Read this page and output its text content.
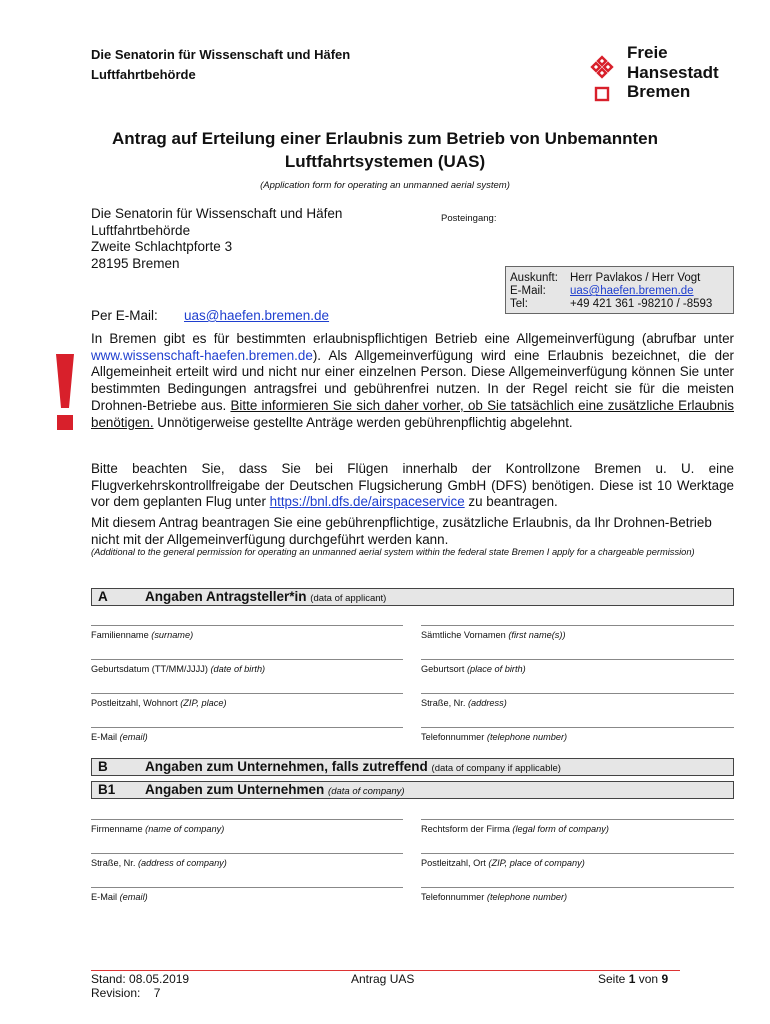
Die Senatorin für Wissenschaft und Häfen
Luftfahrtbehörde
Freie
Hansestadt
Bremen
Antrag auf Erteilung einer Erlaubnis zum Betrieb von Unbemannten
Luftfahrtsystemen (UAS)
(Application form for operating an unmanned aerial system)
Die Senatorin für Wissenschaft und Häfen
Luftfahrtbehörde
Zweite Schlachtpforte 3
28195 Bremen
Posteingang:
Auskunft:	Herr Pavlakos / Herr Vogt
E-Mail:	uas@haefen.bremen.de
Tel:	+49 421 361 -98210 / -8593
Per E-Mail: uas@haefen.bremen.de

In Bremen gibt es für bestimmten erlaubnispflichtigen Betrieb eine Allgemeinverfügung (abrufbar unter www.wissenschaft-haefen.bremen.de). Als Allgemeinverfügung wird eine Erlaubnis bezeichnet, die der Allgemeinheit erteilt wird und nicht nur einer einzelnen Person. Diese Allgemeinverfügung können Sie unter bestimmten Bedingungen antragsfrei und gebührenfrei nutzen. In der Regel reicht sie für die meisten Drohnen-Betriebe aus. Bitte informieren Sie sich daher vorher, ob Sie tatsächlich eine zusätzliche Erlaubnis benötigen. Unnötigerweise gestellte Anträge werden gebührenpflichtig abgelehnt.

Bitte beachten Sie, dass Sie bei Flügen innerhalb der Kontrollzone Bremen u. U. eine Flugverkehrskontrollfreigabe der Deutschen Flugsicherung GmbH (DFS) benötigen. Diese ist 10 Werktage vor dem geplanten Flug unter https://bnl.dfs.de/airspaceservice zu beantragen.

Mit diesem Antrag beantragen Sie eine gebührenpflichtige, zusätzliche Erlaubnis, da Ihr Drohnen-Betrieb nicht mit der Allgemeinverfügung durchgeführt werden kann.
(Additional to the general permission for operating an unmanned aerial system within the federal state Bremen I apply for a chargeable permission)
A	Angaben Antragsteller*in (data of applicant)
Familienname (surname)	Sämtliche Vornamen (first name(s))
Geburtsdatum (TT/MM/JJJJ) (date of birth)	Geburtsort (place of birth)
Postleitzahl, Wohnort (ZIP, place)	Straße, Nr. (address)
E-Mail (email)	Telefonnummer (telephone number)
B	Angaben zum Unternehmen, falls zutreffend (data of company if applicable)
B1 Angaben zum Unternehmen (data of company)
Firmenname (name of company)	Rechtsform der Firma (legal form of company)
Straße, Nr. (address of company)	Postleitzahl, Ort (ZIP, place of company)
E-Mail (email)	Telefonnummer (telephone number)
Stand: 08.05.2019
Revision: 7
Antrag UAS	Seite 1 von 9
